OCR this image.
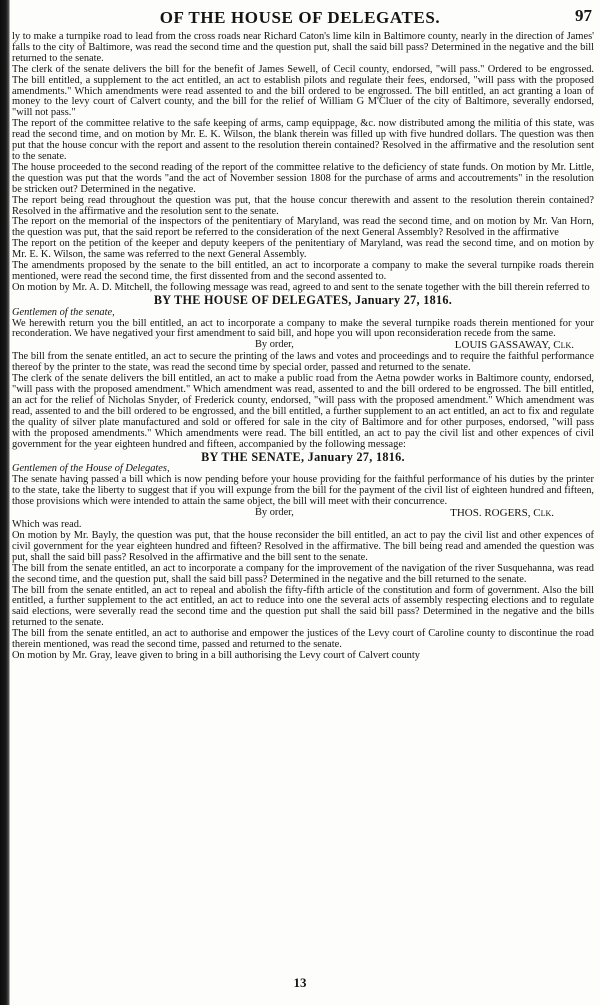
OF THE HOUSE OF DELEGATES.	97

ly to make a turnpike road to lead from the cross roads near Richard Caton's lime kiln in Baltimore county, nearly in the direction of James' falls to the city of Baltimore, was read the second time and the question put, shall the said bill pass? Determined in the negative and the bill returned to the senate.

The clerk of the senate delivers the bill for the benefit of James Sewell, of Cecil county, endorsed, "will pass." Ordered to be engrossed. The bill entitled, a supplement to the act entitled, an act to establish pilots and regulate their fees, endorsed, "will pass with the proposed amendments." Which amendments were read assented to and the bill ordered to be engrossed. The bill entitled, an act granting a loan of money to the levy court of Calvert county, and the bill for the relief of William G M'Cluer of the city of Baltimore, severally endorsed, "will not pass."

The report of the committee relative to the safe keeping of arms, camp equippage, &c. now distributed among the militia of this state, was read the second time, and on motion by Mr. E. K. Wilson, the blank therein was filled up with five hundred dollars. The question was then put that the house concur with the report and assent to the resolution therein contained? Resolved in the affirmative and the resolution sent to the senate.

The house proceeded to the second reading of the report of the committee relative to the deficiency of state funds. On motion by Mr. Little, the question was put that the words "and the act of November session 1808 for the purchase of arms and accoutrements" in the resolution be stricken out? Determined in the negative.

The report being read throughout the question was put, that the house concur therewith and assent to the resolution therein contained? Resolved in the affirmative and the resolution sent to the senate.

The report on the memorial of the inspectors of the penitentiary of Maryland, was read the second time, and on motion by Mr. Van Horn, the question was put, that the said report be referred to the consideration of the next General Assembly? Resolved in the affirmative

The report on the petition of the keeper and deputy keepers of the penitentiary of Maryland, was read the second time, and on motion by Mr. E. K. Wilson, the same was referred to the next General Assembly.

The amendments proposed by the senate to the bill entitled, an act to incorporate a company to make the several turnpike roads therein mentioned, were read the second time, the first dissented from and the second assented to.

On motion by Mr. A. D. Mitchell, the following message was read, agreed to and sent to the senate together with the bill therein referred to

BY THE HOUSE OF DELEGATES, January 27, 1816.

Gentlemen of the senate,

We herewith return you the bill entitled, an act to incorporate a company to make the several turnpike roads therein mentioned for your reconderation. We have negatived your first amendment to said bill, and hope you will upon reconsideration recede from the same.

By order,	LOUIS GASSAWAY, Clk.

The bill from the senate entitled, an act to secure the printing of the laws and votes and proceedings and to require the faithful performance thereof by the printer to the state, was read the second time by special order, passed and returned to the senate.

The clerk of the senate delivers the bill entitled, an act to make a public road from the Aetna powder works in Baltimore county, endorsed, "will pass with the proposed amendment." Which amendment was read, assented to and the bill ordered to be engrossed. The bill entitled, an act for the relief of Nicholas Snyder, of Frederick county, endorsed, "will pass with the proposed amendment." Which amendment was read, assented to and the bill ordered to be engrossed, and the bill entitled, a further supplement to an act entitled, an act to fix and regulate the quality of silver plate manufactured and sold or offered for sale in the city of Baltimore and for other purposes, endorsed, "will pass with the proposed amendments." Which amendments were read. The bill entitled, an act to pay the civil list and other expences of civil government for the year eighteen hundred and fifteen, accompanied by the following message:

BY THE SENATE, January 27, 1816.

Gentlemen of the House of Delegates,

The senate having passed a bill which is now pending before your house providing for the faithful performance of his duties by the printer to the state, take the liberty to suggest that if you will expunge from the bill for the payment of the civil list of eighteen hundred and fifteen, those provisions which were intended to attain the same object, the bill will meet with their concurrence.

By order,	THOS. ROGERS, Clk.

Which was read.

On motion by Mr. Bayly, the question was put, that the house reconsider the bill entitled, an act to pay the civil list and other expences of civil government for the year eighteen hundred and fifteen? Resolved in the affirmative. The bill being read and amended the question was put, shall the said bill pass? Resolved in the affirmative and the bill sent to the senate.

The bill from the senate entitled, an act to incorporate a company for the improvement of the navigation of the river Susquehanna, was read the second time, and the question put, shall the said bill pass? Determined in the negative and the bill returned to the senate.

The bill from the senate entitled, an act to repeal and abolish the fifty-fifth article of the constitution and form of government. Also the bill entitled, a further supplement to the act entitled, an act to reduce into one the several acts of assembly respecting elections and to regulate said elections, were severally read the second time and the question put shall the said bill pass? Determined in the negative and the bills returned to the senate.

The bill from the senate entitled, an act to authorise and empower the justices of the Levy court of Caroline county to discontinue the road therein mentioned, was read the second time, passed and returned to the senate.

On motion by Mr. Gray, leave given to bring in a bill authorising the Levy court of Calvert county

13
